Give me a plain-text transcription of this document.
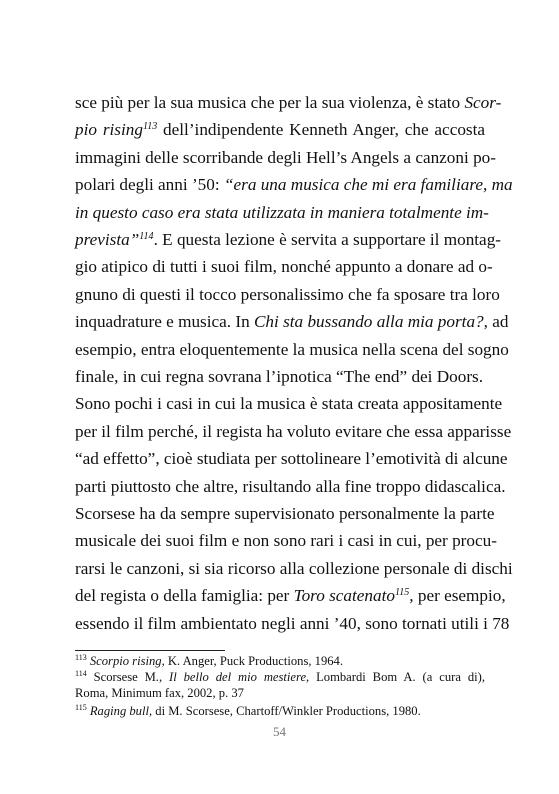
sce più per la sua musica che per la sua violenza, è stato Scor-
pio rising$^{113}$ dell’indipendente Kenneth Anger, che accosta
immagini delle scorribande degli Hell’s Angels a canzoni po-
polari degli anni ’50: “era una musica che mi era familiare, ma
in questo caso era stata utilizzata in maniera totalmente im-
prevista”$^{114}$. E questa lezione è servita a supportare il montag-
gio atipico di tutti i suoi film, nonché appunto a donare ad o-
gnuno di questi il tocco personalissimo che fa sposare tra loro
inquadrature e musica. In Chi sta bussando alla mia porta?, ad
esempio, entra eloquentemente la musica nella scena del sogno
finale, in cui regna sovrana l’ipnotica “The end” dei Doors.
Sono pochi i casi in cui la musica è stata creata appositamente
per il film perché, il regista ha voluto evitare che essa apparisse
“ad effetto”, cioè studiata per sottolineare l’emotività di alcune
parti piuttosto che altre, risultando alla fine troppo didascalica.
Scorsese ha da sempre supervisionato personalmente la parte
musicale dei suoi film e non sono rari i casi in cui, per procu-
rarsi le canzoni, si sia ricorso alla collezione personale di dischi
del regista o della famiglia: per Toro scatenato$^{115}$, per esempio,
essendo il film ambientato negli anni ’40, sono tornati utili i 78
$^{113}$ Scorpio rising, K. Anger, Puck Productions, 1964.
$^{114}$ Scorsese M., Il bello del mio mestiere, Lombardi Bom A. (a cura di),
Roma, Minimum fax, 2002, p. 37
$^{115}$ Raging bull, di M. Scorsese, Chartoff/Winkler Productions, 1980.
54
